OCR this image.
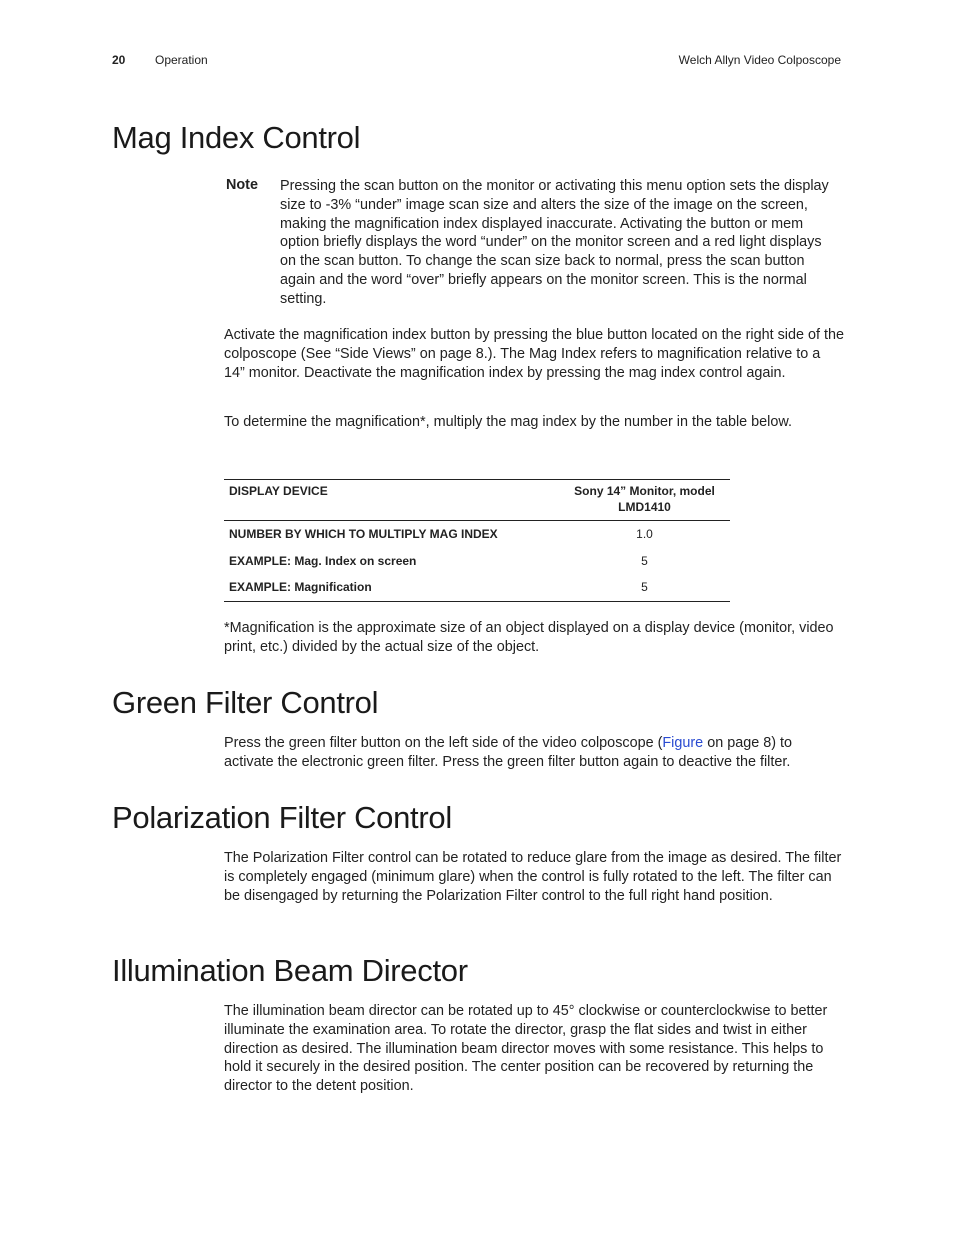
20 Operation	Welch Allyn Video Colposcope
Mag Index Control
Note Pressing the scan button on the monitor or activating this menu option sets the display size to -3% “under” image scan size and alters the size of the image on the screen, making the magnification index displayed inaccurate. Activating the button or mem option briefly displays the word “under” on the monitor screen and a red light displays on the scan button. To change the scan size back to normal, press the scan button again and the word “over” briefly appears on the monitor screen. This is the normal setting.

Activate the magnification index button by pressing the blue button located on the right side of the colposcope (See “Side Views” on page 8.). The Mag Index refers to magnification relative to a 14” monitor. Deactivate the magnification index by pressing the mag index control again.

To determine the magnification*, multiply the mag index by the number in the table below.

DISPLAY DEVICE	Sony 14” Monitor, model
LMD1410
NUMBER BY WHICH TO MULTIPLY MAG INDEX	1.0
EXAMPLE: Mag. Index on screen	5
EXAMPLE: Magnification	5

*Magnification is the approximate size of an object displayed on a display device (monitor, video print, etc.) divided by the actual size of the object.

Green Filter Control

Press the green filter button on the left side of the video colposcope (Figure on page 8) to activate the electronic green filter. Press the green filter button again to deactive the filter.

Polarization Filter Control

The Polarization Filter control can be rotated to reduce glare from the image as desired. The filter is completely engaged (minimum glare) when the control is fully rotated to the left. The filter can be disengaged by returning the Polarization Filter control to the full right hand position.

Illumination Beam Director

The illumination beam director can be rotated up to 45° clockwise or counterclockwise to better illuminate the examination area. To rotate the director, grasp the flat sides and twist in either direction as desired. The illumination beam director moves with some resistance. This helps to hold it securely in the desired position. The center position can be recovered by returning the director to the detent position.
